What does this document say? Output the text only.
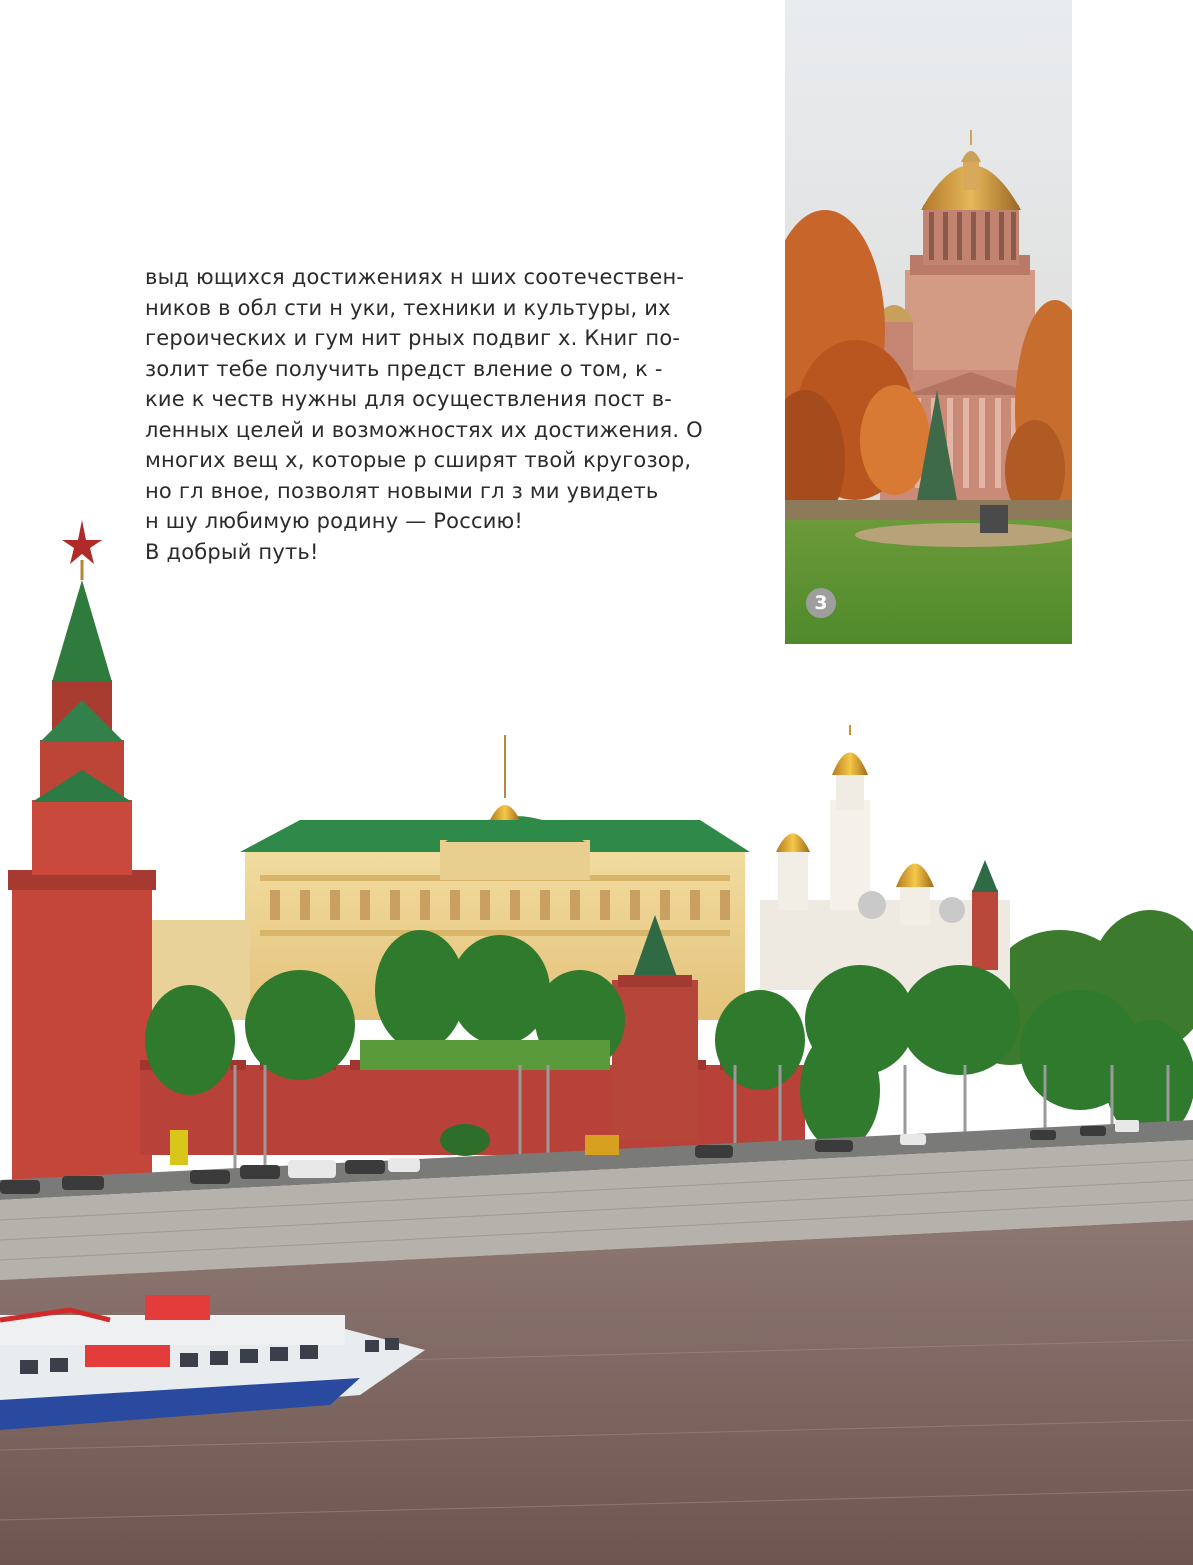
выд ющихся достижениях н ших соотечествен-

ников в обл сти н уки, техники и культуры, их

героических и гум нит рных подвиг х. Книг по-

золит тебе получить предст вление о том, к -

кие к честв нужны для осуществления пост в-

ленных целей и возможностях их достижения. О

многих вещ х, которые р сширят твой кругозор,

но гл вное, позволят новыми гл з ми увидеть

н шу любимую родину — Россию!

В добрый путь!

3
